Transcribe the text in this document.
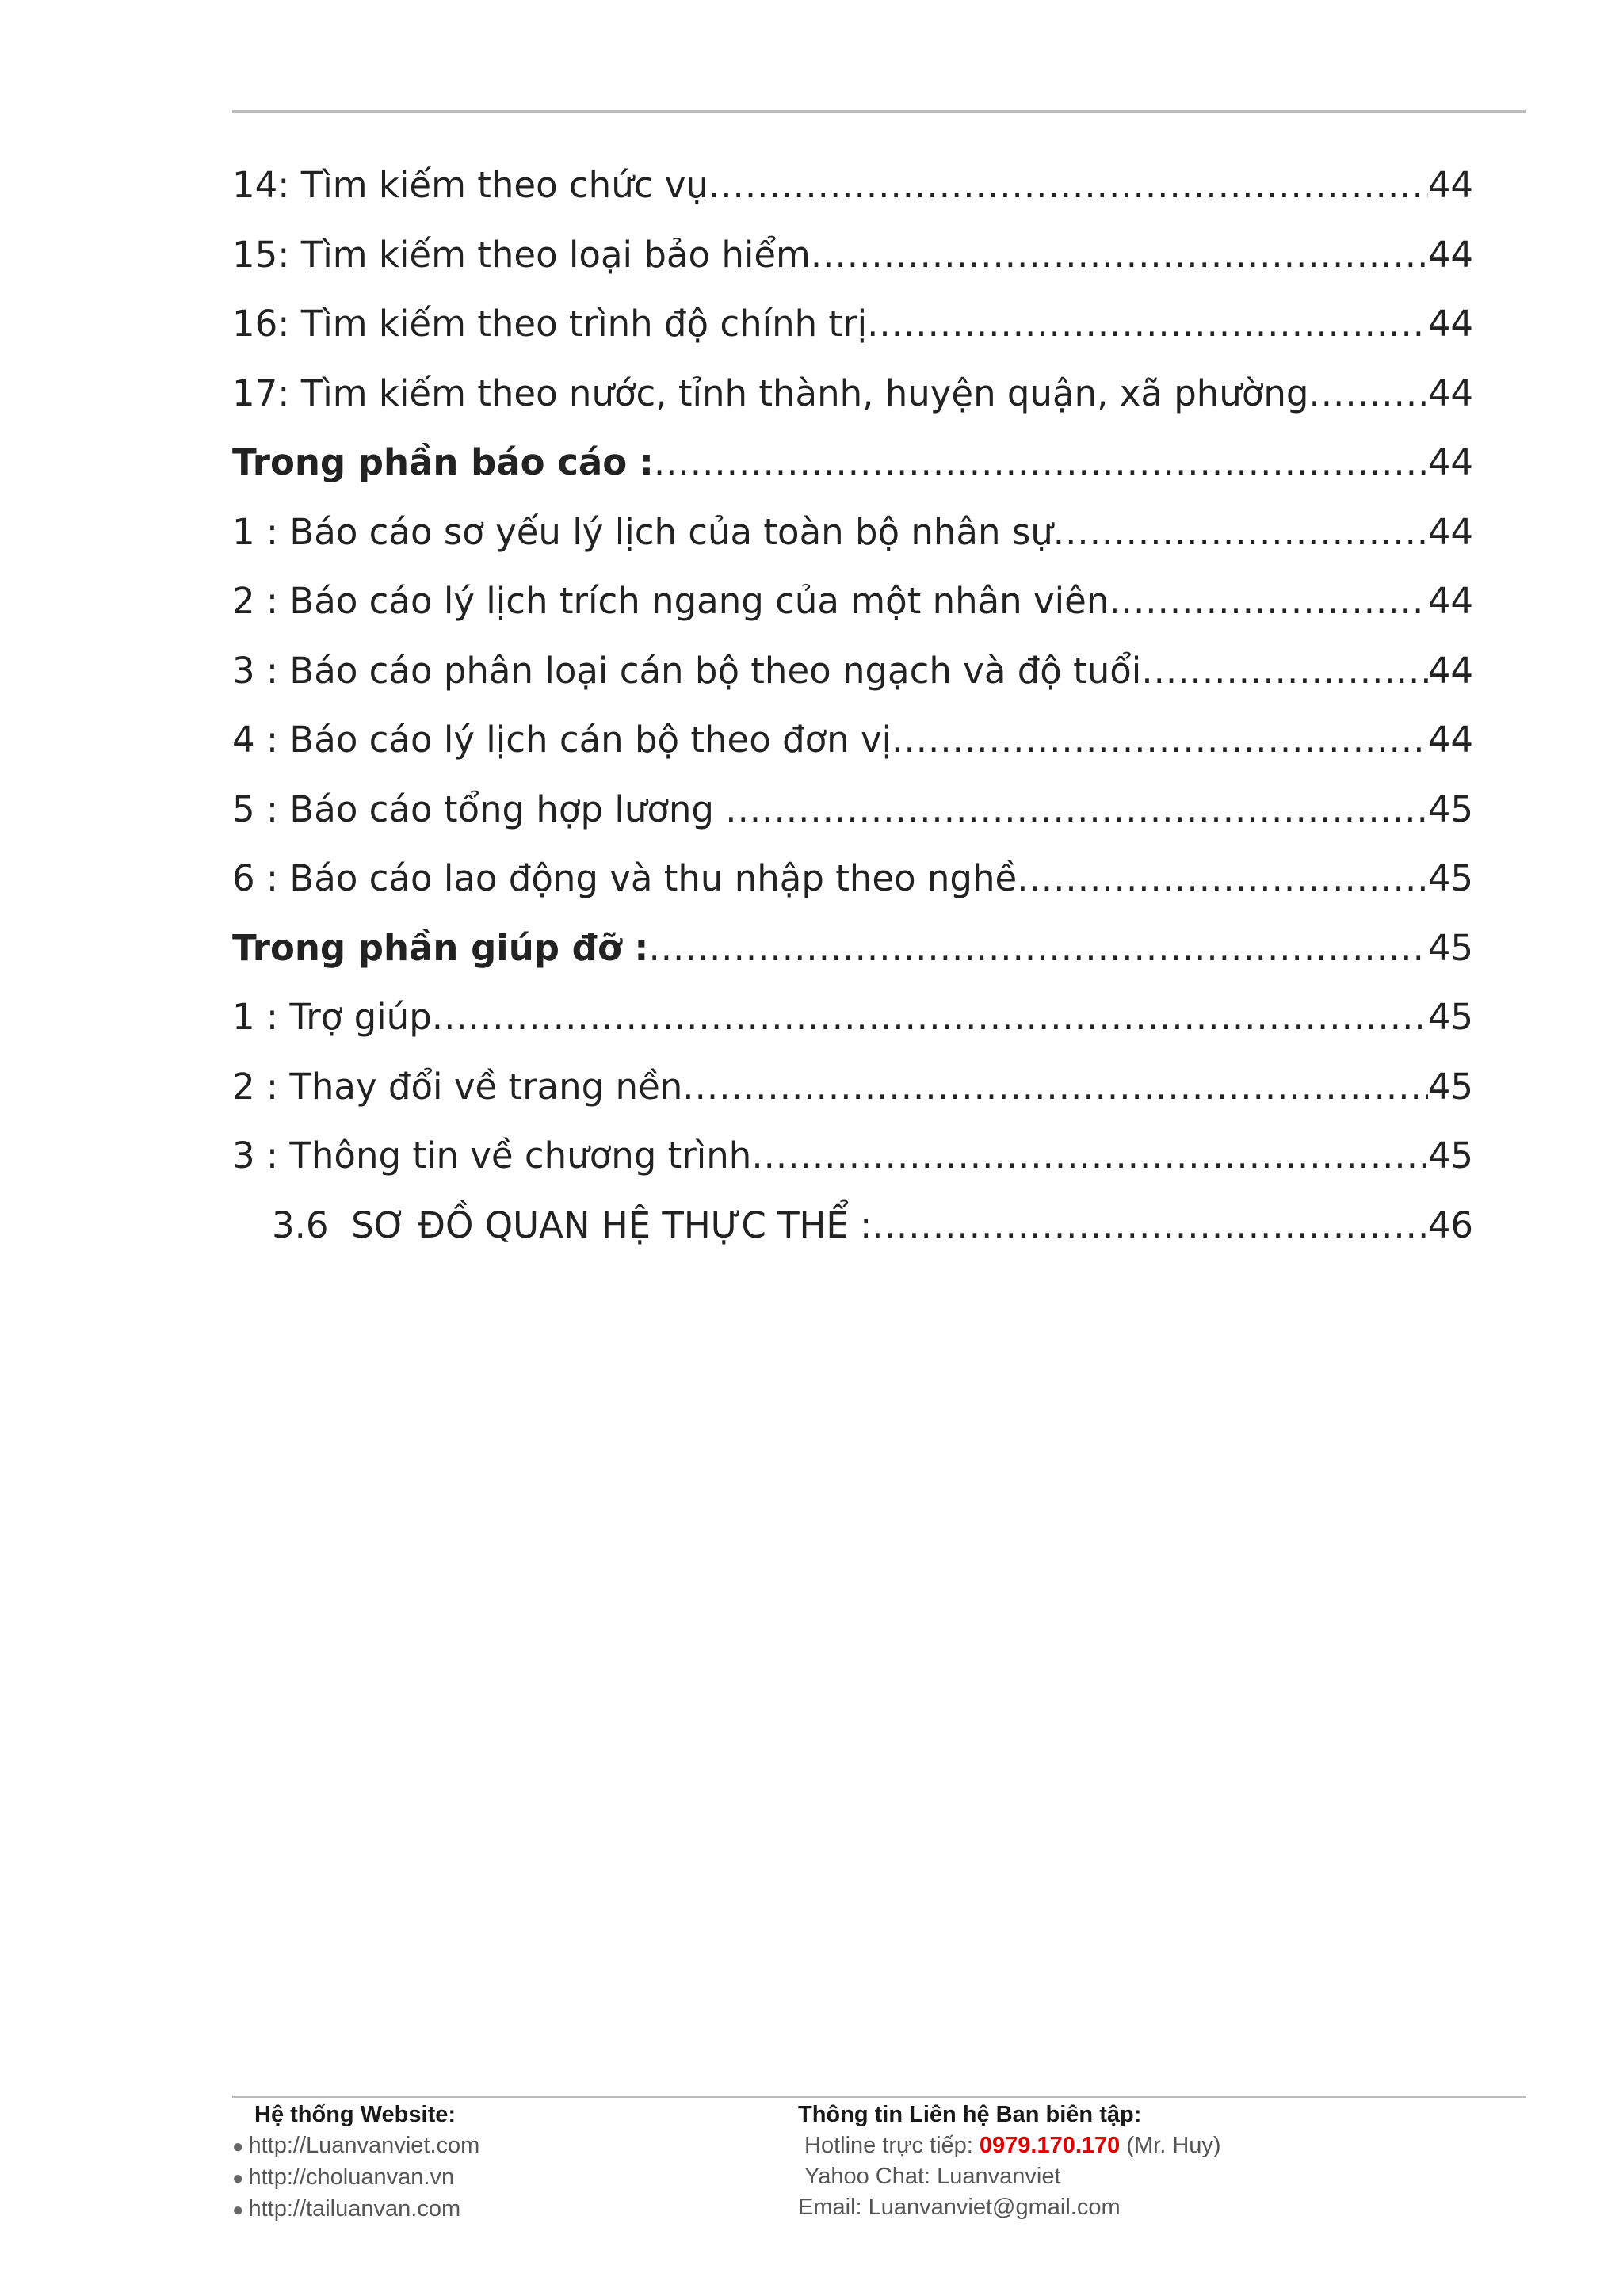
14: Tìm kiếm theo chức vụ .....	44
15: Tìm kiếm theo loại bảo hiểm .....	44
16: Tìm kiếm theo trình độ chính trị .....	44
17: Tìm kiếm theo nước, tỉnh thành, huyện quận, xã phường .....	44
Trong phần báo cáo : .....	44
1 : Báo cáo sơ yếu lý lịch của toàn bộ nhân sự .....	44
2 : Báo cáo lý lịch trích ngang của một nhân viên .....	44
3 : Báo cáo phân loại cán bộ theo ngạch và độ tuổi .....	44
4 : Báo cáo lý lịch cán bộ theo đơn vị .....	44
5 : Báo cáo tổng hợp lương .....	45
6 : Báo cáo lao động và thu nhập theo nghề .....	45
Trong phần giúp đỡ : .....	45
1 : Trợ giúp .....	45
2 : Thay đổi về trang nền .....	45
3 : Thông tin về chương trình .....	45
3.6  SƠ ĐỒ QUAN HỆ THỰC THỂ : .....	46
Hệ thống Website:
● http://Luanvanviet.com
● http://choluanvan.vn
● http://tailuanvan.com
Thông tin Liên hệ Ban biên tập:
Hotline trực tiếp: 0979.170.170 (Mr. Huy)
Yahoo Chat: Luanvanviet
Email: Luanvanviet@gmail.com
